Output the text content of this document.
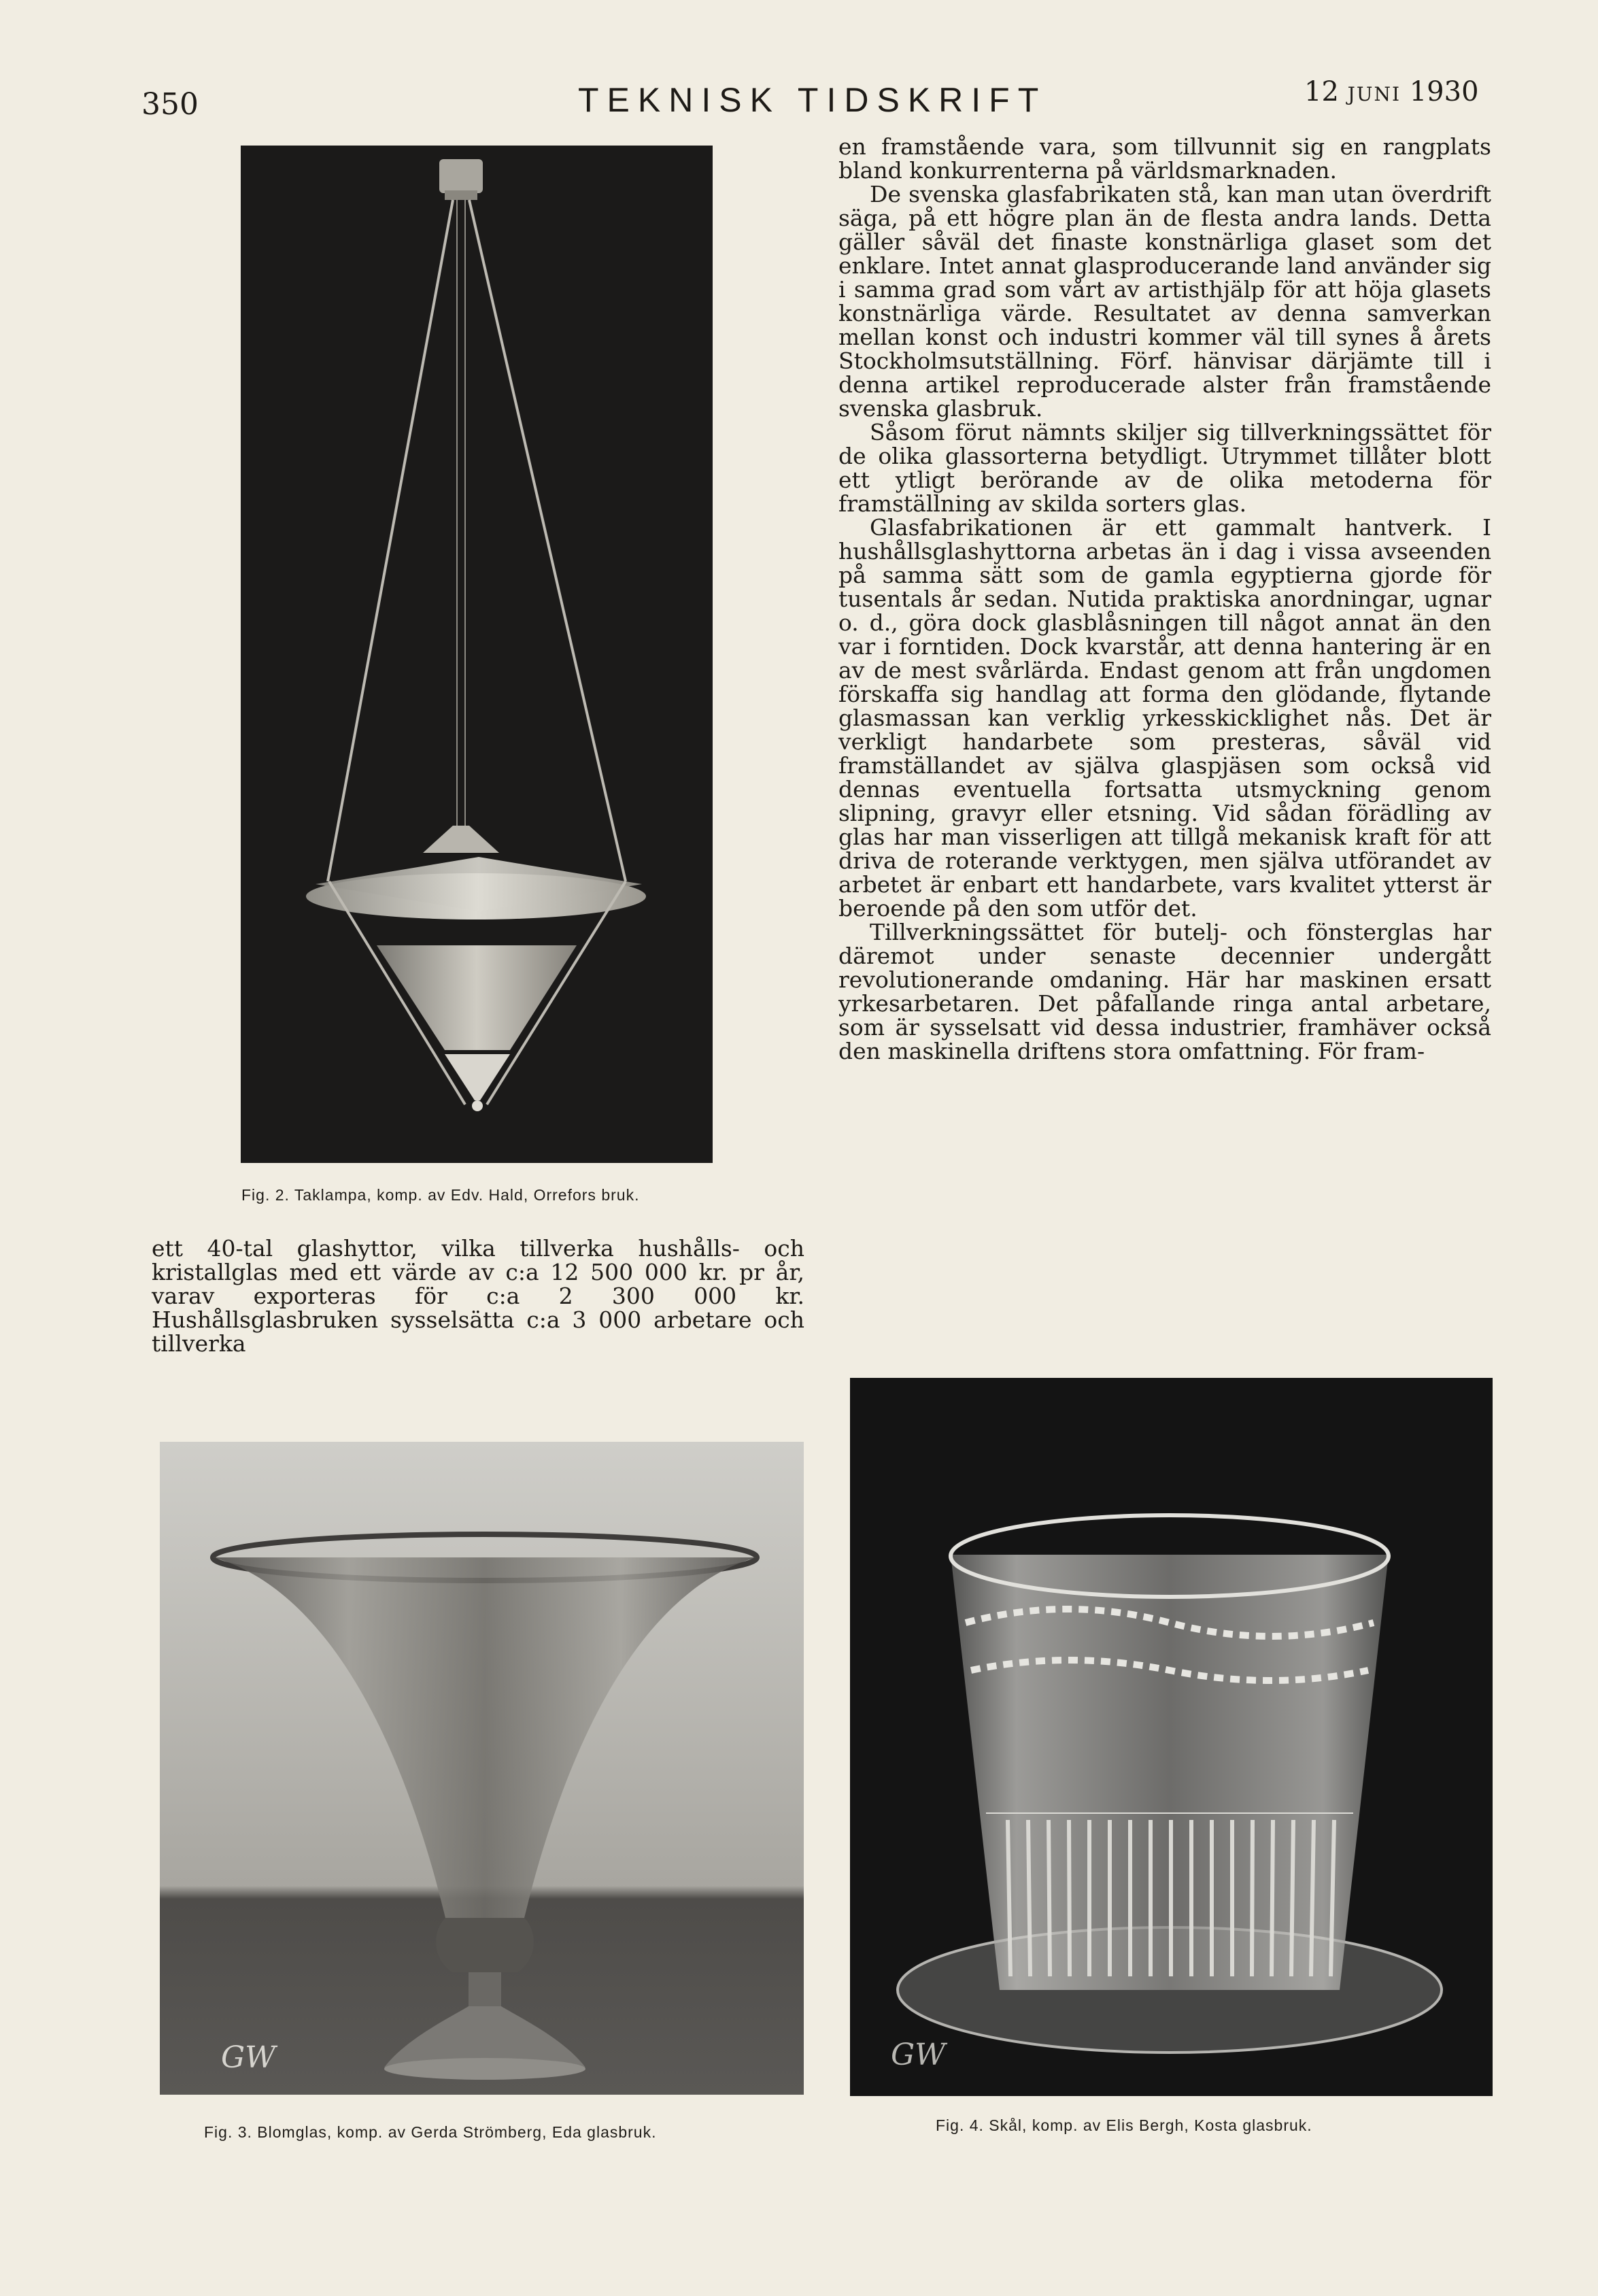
350	TEKNISK TIDSKRIFT	12 JUNI 1930
Fig. 2. Taklampa, komp. av Edv. Hald, Orrefors bruk.

en framstående vara, som tillvunnit sig en rangplats bland konkurrenterna på världsmarknaden.

De svenska glasfabrikaten stå, kan man utan överdrift säga, på ett högre plan än de flesta andra lands. Detta gäller såväl det finaste konstnärliga glaset som det enklare. Intet annat glasproducerande land använder sig i samma grad som vårt av artisthjälp för att höja glasets konstnärliga värde. Resultatet av denna samverkan mellan konst och industri kommer väl till synes å årets Stockholmsutställning. Förf. hänvisar därjämte till i denna artikel reproducerade alster från framstående svenska glasbruk.

Såsom förut nämnts skiljer sig tillverkningssättet för de olika glassorterna betydligt. Utrymmet tillåter blott ett ytligt berörande av de olika metoderna för framställning av skilda sorters glas.

Glasfabrikationen är ett gammalt hantverk. I hushållsglashyttorna arbetas än i dag i vissa avseenden på samma sätt som de gamla egyptierna gjorde för tusentals år sedan. Nutida praktiska anordningar, ugnar o. d., göra dock glasblåsningen till något annat än den var i forntiden. Dock kvarstår, att denna hantering är en av de mest svårlärda. Endast genom att från ungdomen förskaffa sig handlag att forma den glödande, flytande glasmassan kan verklig yrkesskicklighet nås. Det är verkligt handarbete som presteras, såväl vid framställandet av själva glaspjäsen som också vid dennas eventuella fortsatta utsmyckning genom slipning, gravyr eller etsning. Vid sådan förädling av glas har man visserligen att tillgå mekanisk kraft för att driva de roterande verktygen, men själva utförandet av arbetet är enbart ett handarbete, vars kvalitet ytterst är beroende på den som utför det.

Tillverkningssättet för butelj- och fönsterglas har däremot under senaste decennier undergått revolutionerande omdaning. Här har maskinen ersatt yrkesarbetaren. Det påfallande ringa antal arbetare, som är sysselsatt vid dessa industrier, framhäver också den maskinella driftens stora omfattning. För fram-

ett 40-tal glashyttor, vilka tillverka hushålls- och kristallglas med ett värde av c:a 12 500 000 kr. pr år, varav exporteras för c:a 2 300 000 kr. Hushållsglasbruken sysselsätta c:a 3 000 arbetare och tillverka

GW
Fig. 3. Blomglas, komp. av Gerda Strömberg, Eda glasbruk.
GW
Fig. 4. Skål, komp. av Elis Bergh, Kosta glasbruk.
